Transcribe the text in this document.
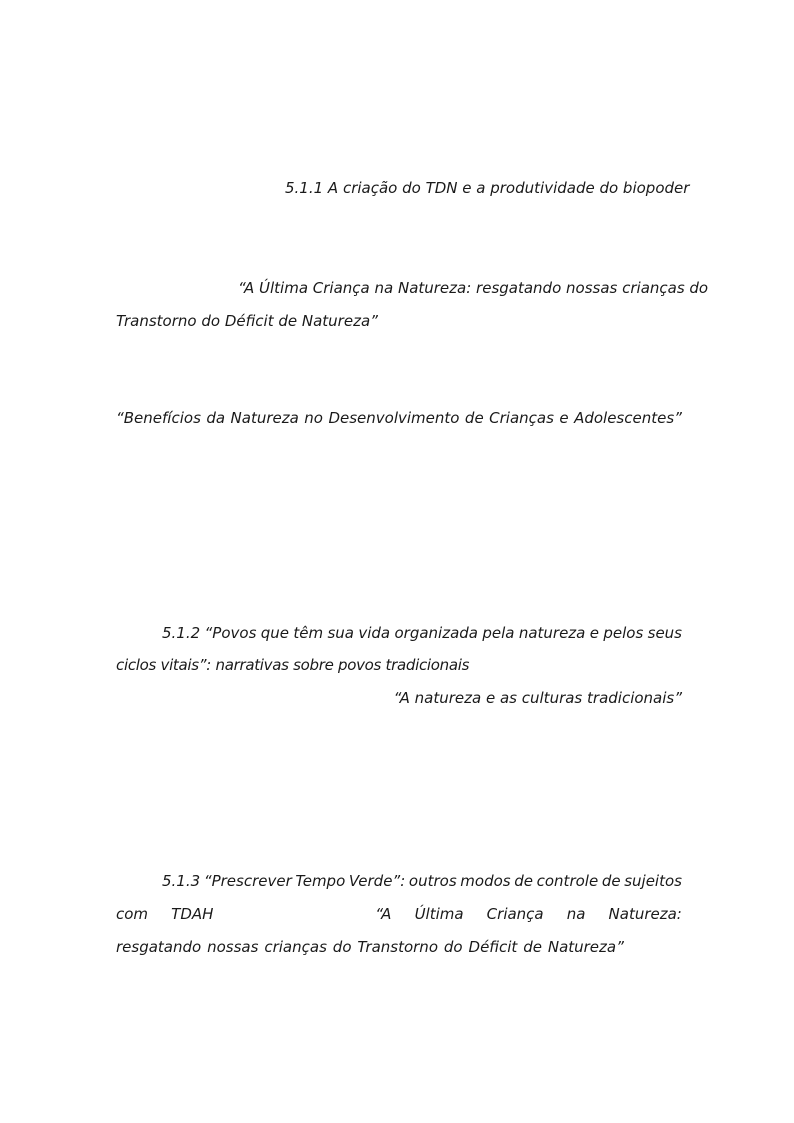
5.1.1 A criação do TDN e a produtividade do biopoder
“A Última Criança na Natureza: resgatando nossas crianças do
Transtorno do Déficit de Natureza”
“Benefícios da Natureza no Desenvolvimento de Crianças e Adolescentes”
5.1.2 “Povos que têm sua vida organizada pela natureza e pelos seus
ciclos vitais”: narrativas sobre povos tradicionais
“A natureza e as culturas tradicionais”
5.1.3 “Prescrever Tempo Verde”: outros modos de controle de sujeitos
com TDAH	“A Última Criança na Natureza:
resgatando nossas crianças do Transtorno do Déficit de Natureza”
